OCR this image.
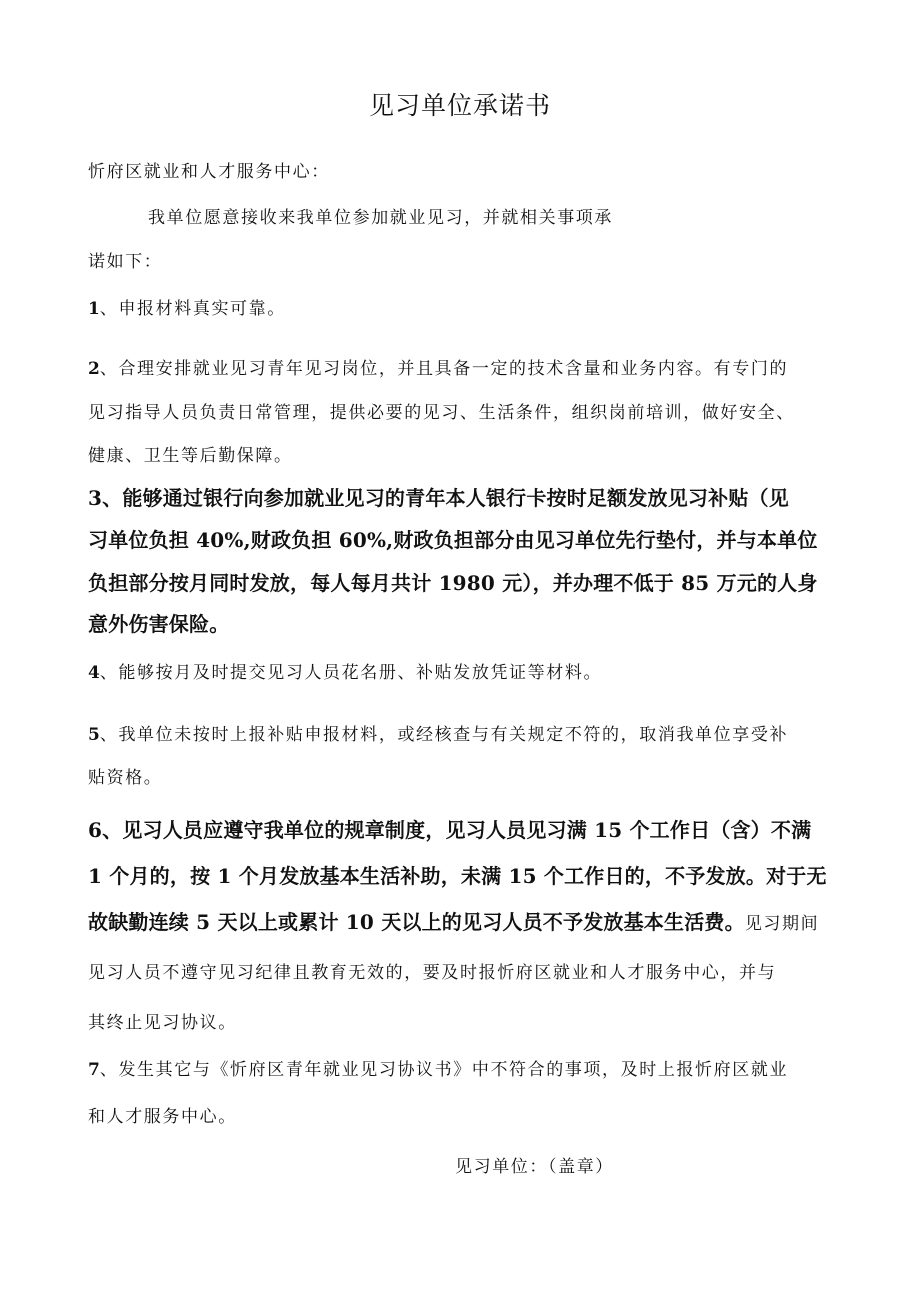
见习单位承诺书
忻府区就业和人才服务中心：
我单位愿意接收来我单位参加就业见习，并就相关事项承
诺如下：
1、申报材料真实可靠。
2、合理安排就业见习青年见习岗位，并且具备一定的技术含量和业务内容。有专门的
见习指导人员负责日常管理，提供必要的见习、生活条件，组织岗前培训，做好安全、
健康、卫生等后勤保障。
3、能够通过银行向参加就业见习的青年本人银行卡按时足额发放见习补贴（见
习单位负担 40%,财政负担 60%,财政负担部分由见习单位先行垫付，并与本单位
负担部分按月同时发放，每人每月共计 1980 元），并办理不低于 85 万元的人身
意外伤害保险。
4、能够按月及时提交见习人员花名册、补贴发放凭证等材料。
5、我单位未按时上报补贴申报材料，或经核查与有关规定不符的，取消我单位享受补
贴资格。
6、见习人员应遵守我单位的规章制度，见习人员见习满 15 个工作日（含）不满
1 个月的，按 1 个月发放基本生活补助，未满 15 个工作日的，不予发放。对于无
故缺勤连续 5 天以上或累计 10 天以上的见习人员不予发放基本生活费。见习期间
见习人员不遵守见习纪律且教育无效的，要及时报忻府区就业和人才服务中心，并与
其终止见习协议。
7、发生其它与《忻府区青年就业见习协议书》中不符合的事项，及时上报忻府区就业
和人才服务中心。
见习单位：（盖章）
